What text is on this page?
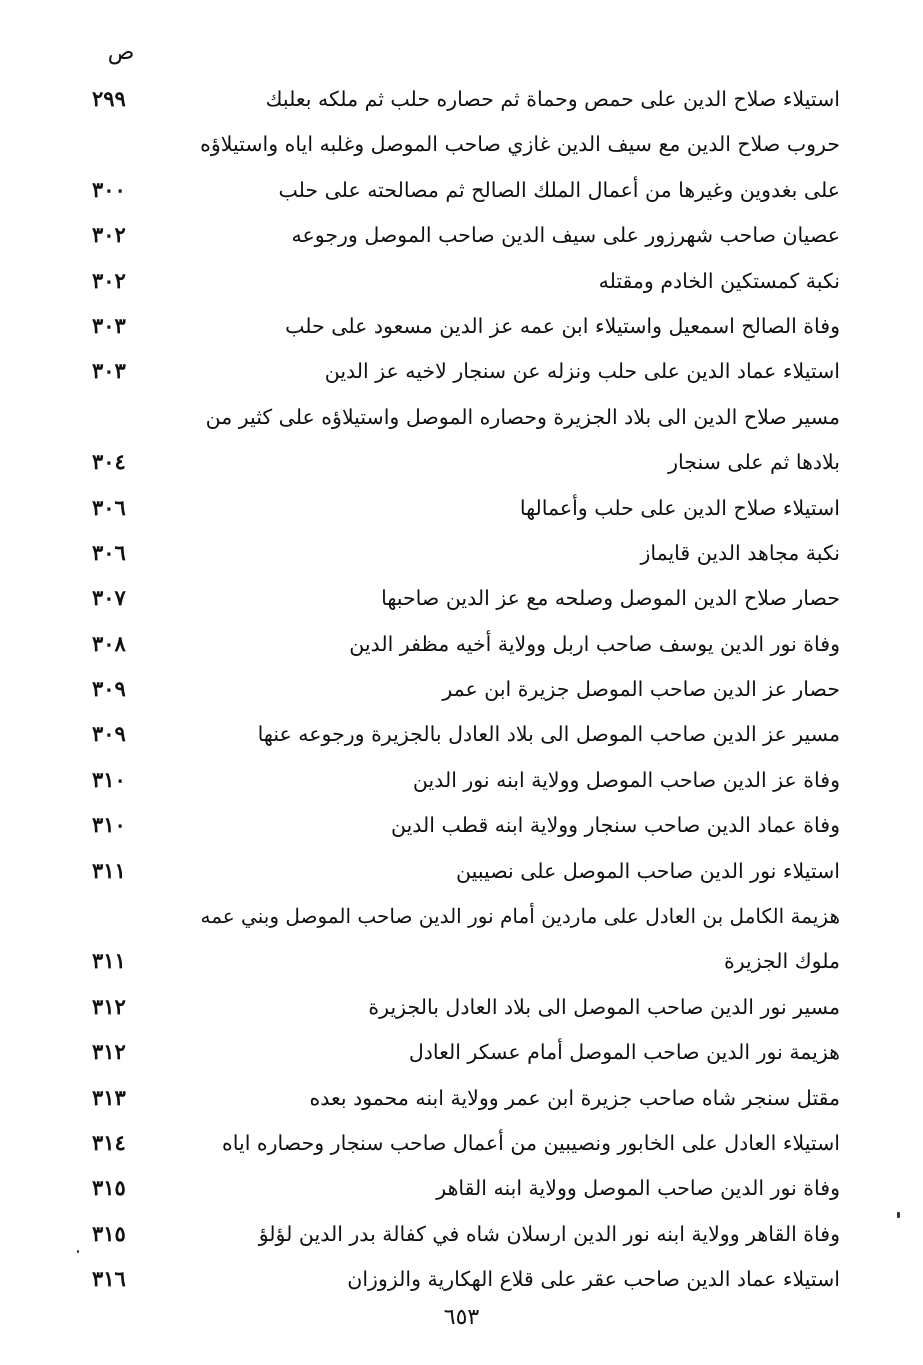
ص
استيلاء صلاح الدين على حمص وحماة ثم حصاره حلب ثم ملكه بعلبك
٢٩٩
حروب صلاح الدين مع سيف الدين غازي صاحب الموصل وغلبه اياه واستيلاؤه
على بغدوين وغيرها من أعمال الملك الصالح ثم مصالحته على حلب
٣٠٠
عصيان صاحب شهرزور على سيف الدين صاحب الموصل ورجوعه
٣٠٢
نكبة كمستكين الخادم ومقتله
٣٠٢
وفاة الصالح اسمعيل واستيلاء ابن عمه عز الدين مسعود على حلب
٣٠٣
استيلاء عماد الدين على حلب ونزله عن سنجار لاخيه عز الدين
٣٠٣
مسير صلاح الدين الى بلاد الجزيرة وحصاره الموصل واستيلاؤه على كثير من
بلادها ثم على سنجار
٣٠٤
استيلاء صلاح الدين على حلب وأعمالها
٣٠٦
نكبة مجاهد الدين قايماز
٣٠٦
حصار صلاح الدين الموصل وصلحه مع عز الدين صاحبها
٣٠٧
وفاة نور الدين يوسف صاحب اربل وولاية أخيه مظفر الدين
٣٠٨
حصار عز الدين صاحب الموصل جزيرة ابن عمر
٣٠٩
مسير عز الدين صاحب الموصل الى بلاد العادل بالجزيرة ورجوعه عنها
٣٠٩
وفاة عز الدين صاحب الموصل وولاية ابنه نور الدين
٣١٠
وفاة عماد الدين صاحب سنجار وولاية ابنه قطب الدين
٣١٠
استيلاء نور الدين صاحب الموصل على نصيبين
٣١١
هزيمة الكامل بن العادل على ماردين أمام نور الدين صاحب الموصل وبني عمه
ملوك الجزيرة
٣١١
مسير نور الدين صاحب الموصل الى بلاد العادل بالجزيرة
٣١٢
هزيمة نور الدين صاحب الموصل أمام عسكر العادل
٣١٢
مقتل سنجر شاه صاحب جزيرة ابن عمر وولاية ابنه محمود بعده
٣١٣
استيلاء العادل على الخابور ونصيبين من أعمال صاحب سنجار وحصاره اياه
٣١٤
وفاة نور الدين صاحب الموصل وولاية ابنه القاهر
٣١٥
وفاة القاهر وولاية ابنه نور الدين ارسلان شاه في كفالة بدر الدين لؤلؤ
٣١٥
استيلاء عماد الدين صاحب عقر على قلاع الهكارية والزوزان
٣١٦
٦٥٣
